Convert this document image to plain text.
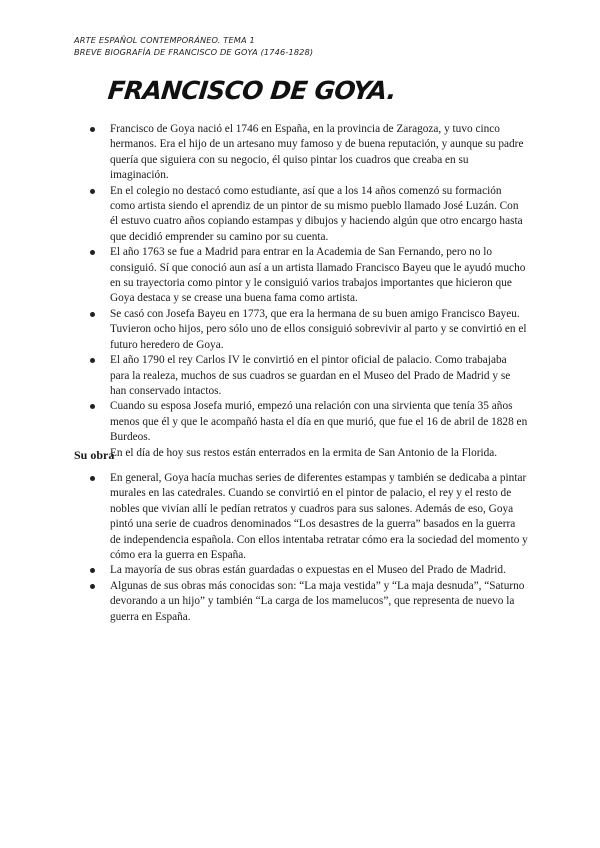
ARTE ESPAÑOL CONTEMPORÁNEO. TEMA 1
BREVE BIOGRAFÍA DE FRANCISCO DE GOYA (1746-1828)
FRANCISCO DE GOYA.
Francisco de Goya nació el 1746 en España, en la provincia de Zaragoza, y tuvo cinco hermanos. Era el hijo de un artesano muy famoso y de buena reputación, y aunque su padre quería que siguiera con su negocio, él quiso pintar los cuadros que creaba en su imaginación.
En el colegio no destacó como estudiante, así que a los 14 años comenzó su formación como artista siendo el aprendiz de un pintor de su mismo pueblo llamado José Luzán. Con él estuvo cuatro años copiando estampas y dibujos y haciendo algún que otro encargo hasta que decidió emprender su camino por su cuenta.
El año 1763 se fue a Madrid para entrar en la Academia de San Fernando, pero no lo consiguió. Sí que conoció aun así a un artista llamado Francisco Bayeu que le ayudó mucho en su trayectoria como pintor y le consiguió varios trabajos importantes que hicieron que Goya destaca y se crease una buena fama como artista.
Se casó con Josefa Bayeu en 1773, que era la hermana de su buen amigo Francisco Bayeu. Tuvieron ocho hijos, pero sólo uno de ellos consiguió sobrevivir al parto y se convirtió en el futuro heredero de Goya.
El año 1790 el rey Carlos IV le convirtió en el pintor oficial de palacio. Como trabajaba para la realeza, muchos de sus cuadros se guardan en el Museo del Prado de Madrid y se han conservado intactos.
Cuando su esposa Josefa murió, empezó una relación con una sirvienta que tenía 35 años menos que él y que le acompañó hasta el día en que murió, que fue el 16 de abril de 1828 en Burdeos.
En el día de hoy sus restos están enterrados en la ermita de San Antonio de la Florida.
Su obra
En general, Goya hacía muchas series de diferentes estampas y también se dedicaba a pintar murales en las catedrales. Cuando se convirtió en el pintor de palacio, el rey y el resto de nobles que vivían allí le pedían retratos y cuadros para sus salones. Además de eso, Goya pintó una serie de cuadros denominados “Los desastres de la guerra” basados en la guerra de independencia española. Con ellos intentaba retratar cómo era la sociedad del momento y cómo era la guerra en España.
La mayoría de sus obras están guardadas o expuestas en el Museo del Prado de Madrid.
Algunas de sus obras más conocidas son: “La maja vestida” y “La maja desnuda”, “Saturno devorando a un hijo” y también “La carga de los mamelucos”, que representa de nuevo la guerra en España.
